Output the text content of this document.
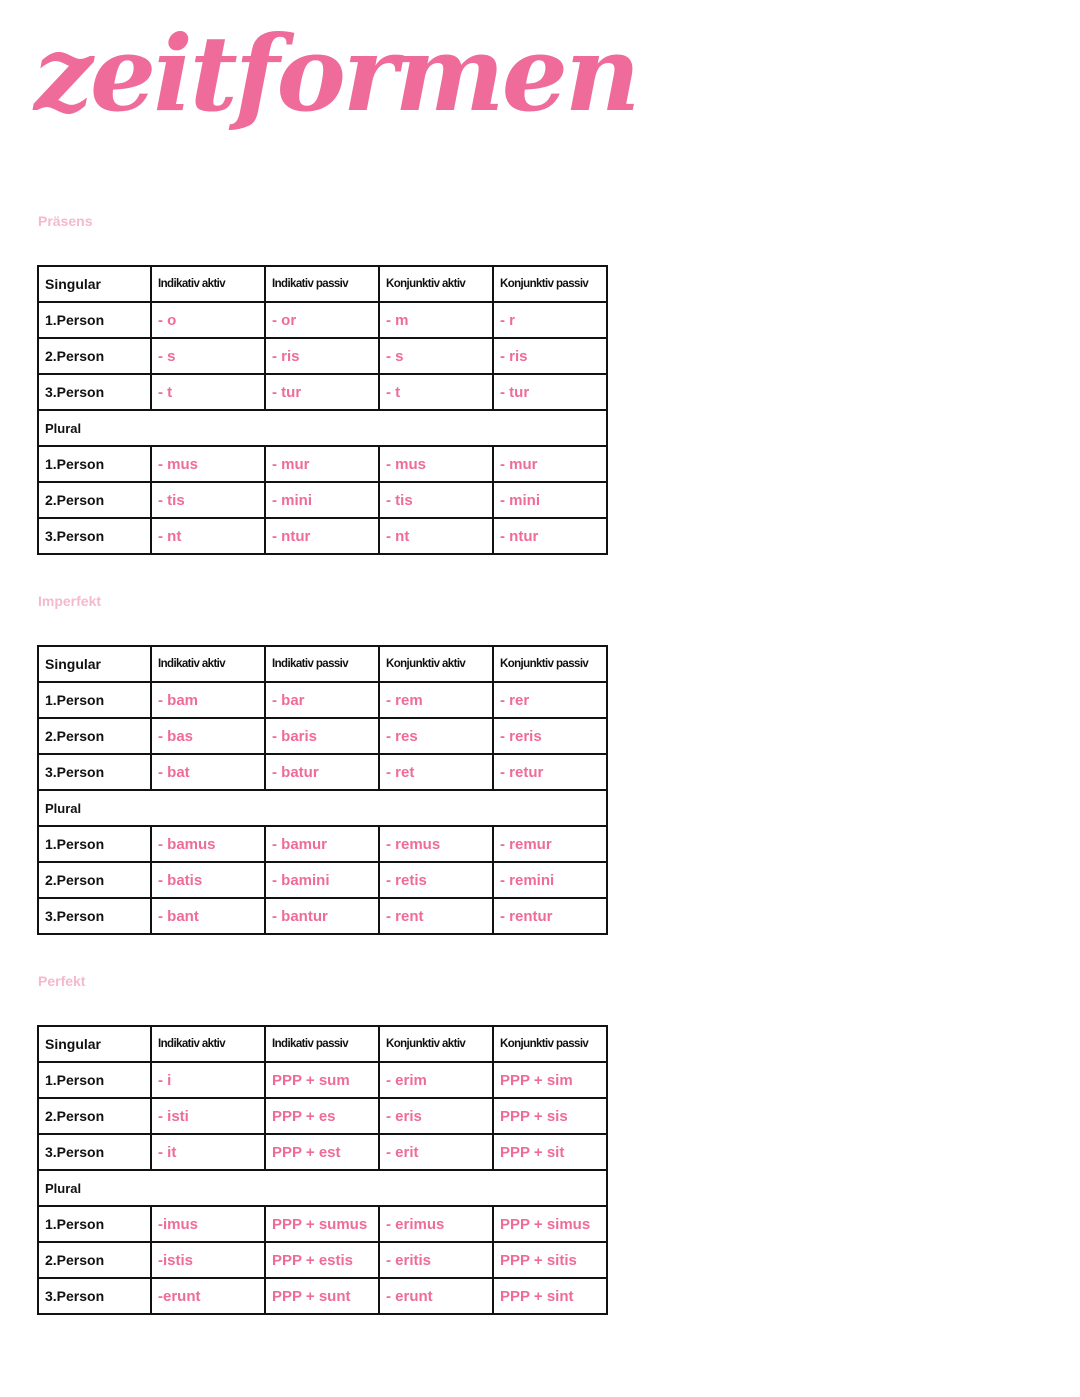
zeitformen
Präsens
Singular	Indikativ aktiv	Indikativ passiv	Konjunktiv aktiv	Konjunktiv passiv
1.Person	- o	- or	- m	- r
2.Person	- s	- ris	- s	- ris
3.Person	- t	- tur	- t	- tur
Plural				
1.Person	- mus	- mur	- mus	- mur
2.Person	- tis	- mini	- tis	- mini
3.Person	- nt	- ntur	- nt	- ntur
Imperfekt
Singular	Indikativ aktiv	Indikativ passiv	Konjunktiv aktiv	Konjunktiv passiv
1.Person	- bam	- bar	- rem	- rer
2.Person	- bas	- baris	- res	- reris
3.Person	- bat	- batur	- ret	- retur
Plural				
1.Person	- bamus	- bamur	- remus	- remur
2.Person	- batis	- bamini	- retis	- remini
3.Person	- bant	- bantur	- rent	- rentur
Perfekt
Singular	Indikativ aktiv	Indikativ passiv	Konjunktiv aktiv	Konjunktiv passiv
1.Person	- i	PPP + sum	- erim	PPP + sim
2.Person	- isti	PPP + es	- eris	PPP + sis
3.Person	- it	PPP + est	- erit	PPP + sit
Plural				
1.Person	-imus	PPP + sumus	- erimus	PPP + simus
2.Person	-istis	PPP + estis	- eritis	PPP + sitis
3.Person	-erunt	PPP + sunt	- erunt	PPP + sint
